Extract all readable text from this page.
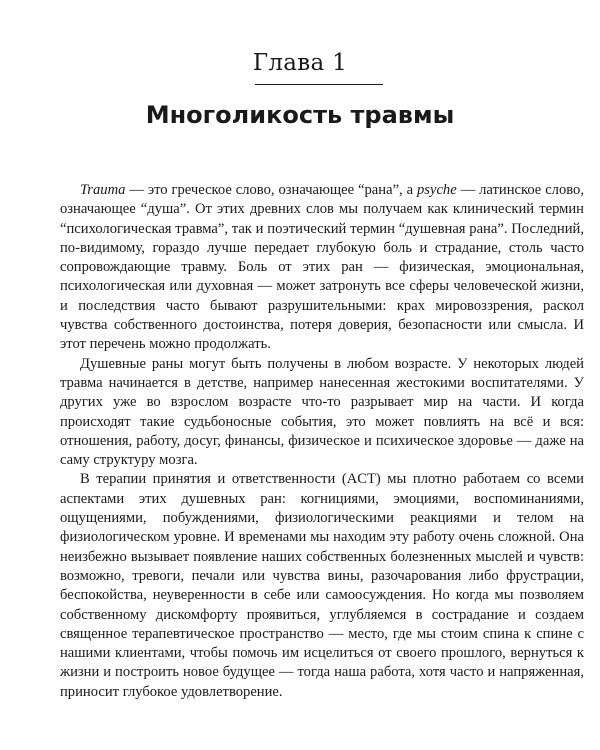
Глава 1
Многоликость травмы

Trauma — это греческое слово, означающее “рана”, а psyche — латинское слово, означающее “душа”. От этих древних слов мы получаем как клинический термин “психологическая травма”, так и поэтический термин “душевная рана”. Последний, по-видимому, гораздо лучше передает глубокую боль и страдание, столь часто сопровождающие травму. Боль от этих ран — физическая, эмоциональная, психологическая или духовная — может затронуть все сферы человеческой жизни, и последствия часто бывают разрушительными: крах мировоззрения, раскол чувства собственного достоинства, потеря доверия, безопасности или смысла. И этот перечень можно продолжать.

Душевные раны могут быть получены в любом возрасте. У некоторых людей травма начинается в детстве, например нанесенная жестокими воспитателями. У других уже во взрослом возрасте что-то разрывает мир на части. И когда происходят такие судьбоносные события, это может повлиять на всё и вся: отношения, работу, досуг, финансы, физическое и психическое здоровье — даже на саму структуру мозга.

В терапии принятия и ответственности (ACT) мы плотно работаем со всеми аспектами этих душевных ран: когнициями, эмоциями, воспоминаниями, ощущениями, побуждениями, физиологическими реакциями и телом на физиологическом уровне. И временами мы находим эту работу очень сложной. Она неизбежно вызывает появление наших собственных болезненных мыслей и чувств: возможно, тревоги, печали или чувства вины, разочарования либо фрустрации, беспокойства, неуверенности в себе или самоосуждения. Но когда мы позволяем собственному дискомфорту проявиться, углубляемся в сострадание и создаем священное терапевтическое пространство — место, где мы стоим спина к спине с нашими клиентами, чтобы помочь им исцелиться от своего прошлого, вернуться к жизни и построить новое будущее — тогда наша работа, хотя часто и напряженная, приносит глубокое удовлетворение.
